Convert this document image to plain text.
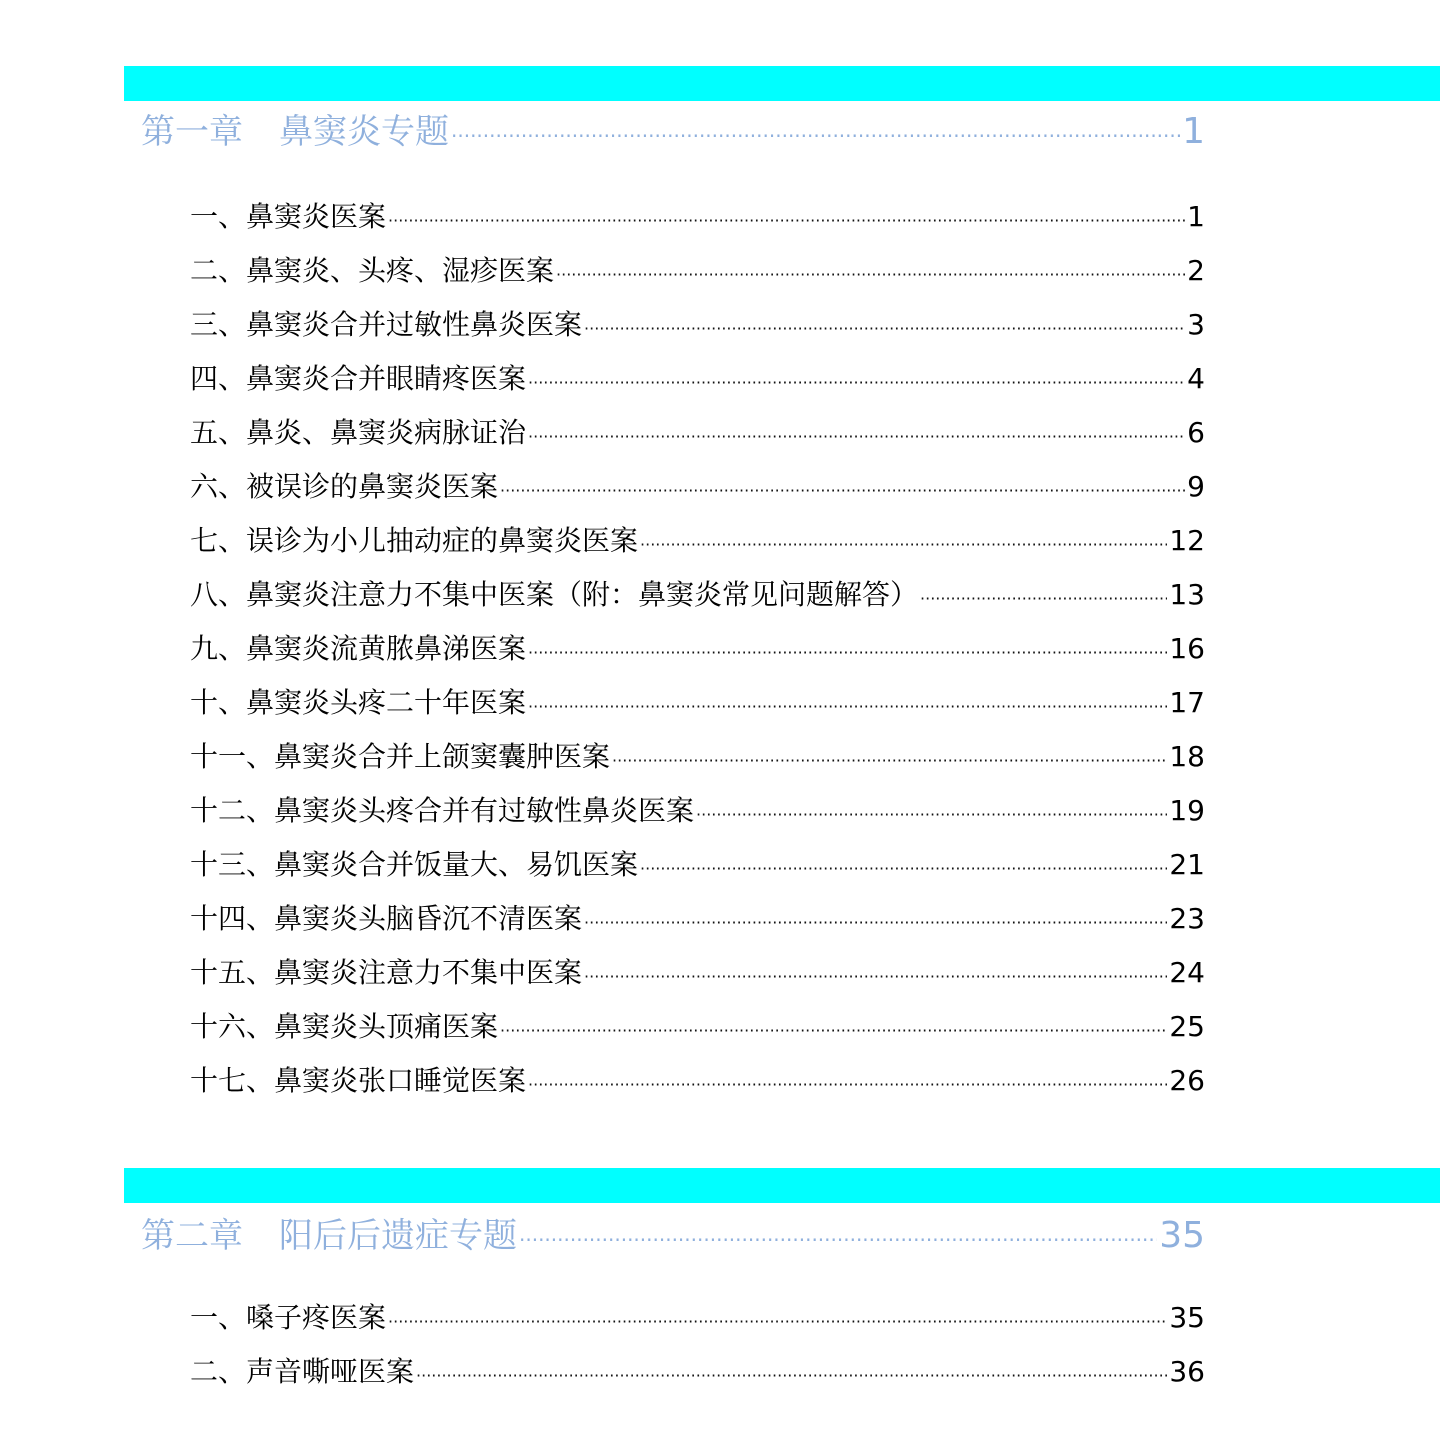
第一章 鼻窦炎专题 ·····	1
一、鼻窦炎医案 ·····	1
二、鼻窦炎、头疼、湿疹医案 ·····	2
三、鼻窦炎合并过敏性鼻炎医案 ·····	3
四、鼻窦炎合并眼睛疼医案 ·····	4
五、鼻炎、鼻窦炎病脉证治 ·····	6
六、被误诊的鼻窦炎医案 ·····	9
七、误诊为小儿抽动症的鼻窦炎医案 ·····	12
八、鼻窦炎注意力不集中医案（附：鼻窦炎常见问题解答） ·····	13
九、鼻窦炎流黄脓鼻涕医案 ·····	16
十、鼻窦炎头疼二十年医案 ·····	17
十一、鼻窦炎合并上颌窦囊肿医案 ·····	18
十二、鼻窦炎头疼合并有过敏性鼻炎医案 ·····	19
十三、鼻窦炎合并饭量大、易饥医案 ·····	21
十四、鼻窦炎头脑昏沉不清医案 ·····	23
十五、鼻窦炎注意力不集中医案 ·····	24
十六、鼻窦炎头顶痛医案 ·····	25
十七、鼻窦炎张口睡觉医案 ·····	26
第二章 阳后后遗症专题 ·····	35
一、嗓子疼医案 ·····	35
二、声音嘶哑医案 ·····	36
